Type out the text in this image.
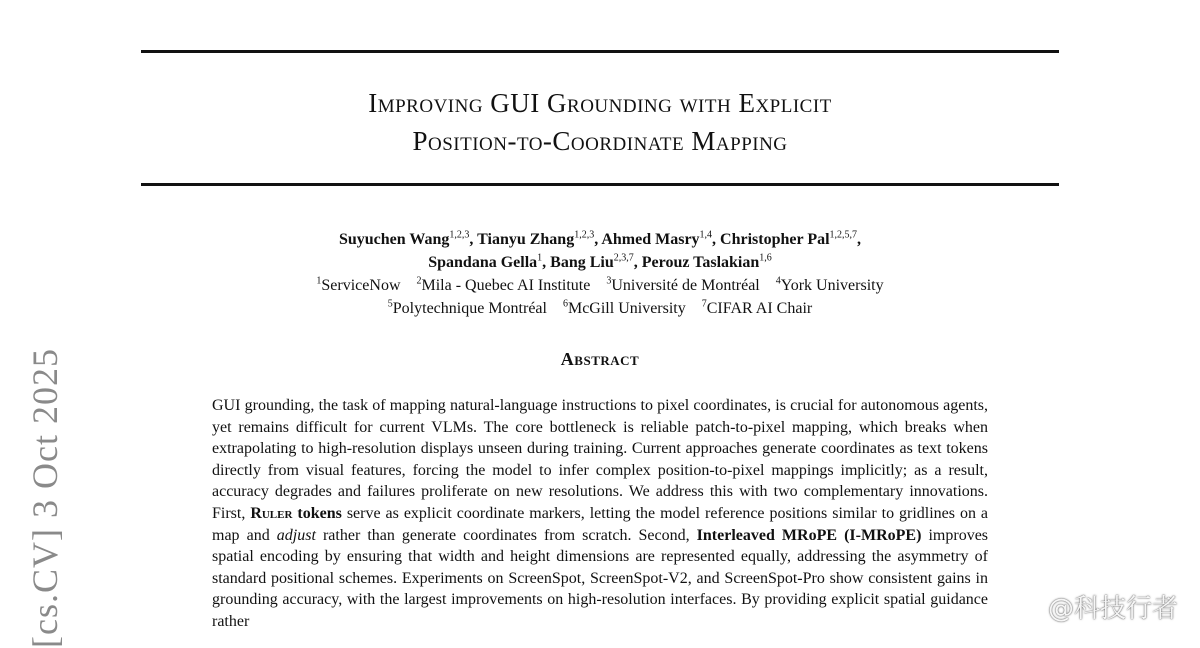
[cs.CV] 3 Oct 2025
Improving GUI Grounding with Explicit
Position-to-Coordinate Mapping
Suyuchen Wang$^{1,2,3}$, Tianyu Zhang$^{1,2,3}$, Ahmed Masry$^{1,4}$, Christopher Pal$^{1,2,5,7}$,
Spandana Gella$^1$, Bang Liu$^{2,3,7}$, Perouz Taslakian$^{1,6}$
$^1$ServiceNow $^2$Mila - Quebec AI Institute $^3$Université de Montréal $^4$York University
$^5$Polytechnique Montréal $^6$McGill University $^7$CIFAR AI Chair
Abstract
GUI grounding, the task of mapping natural-language instructions to pixel coordinates, is crucial for autonomous agents, yet remains difficult for current VLMs. The core bottleneck is reliable patch-to-pixel mapping, which breaks when extrapolating to high-resolution displays unseen during training. Current approaches generate coordinates as text tokens directly from visual features, forcing the model to infer complex position-to-pixel mappings implicitly; as a result, accuracy degrades and failures proliferate on new resolutions. We address this with two complementary innovations. First, Ruler tokens serve as explicit coordinate markers, letting the model reference positions similar to gridlines on a map and adjust rather than generate coordinates from scratch. Second, Interleaved MRoPE (I-MRoPE) improves spatial encoding by ensuring that width and height dimensions are represented equally, addressing the asymmetry of standard positional schemes. Experiments on ScreenSpot, ScreenSpot-V2, and ScreenSpot-Pro show consistent gains in grounding accuracy, with the largest improvements on high-resolution interfaces. By providing explicit spatial guidance rather	@科技行者
